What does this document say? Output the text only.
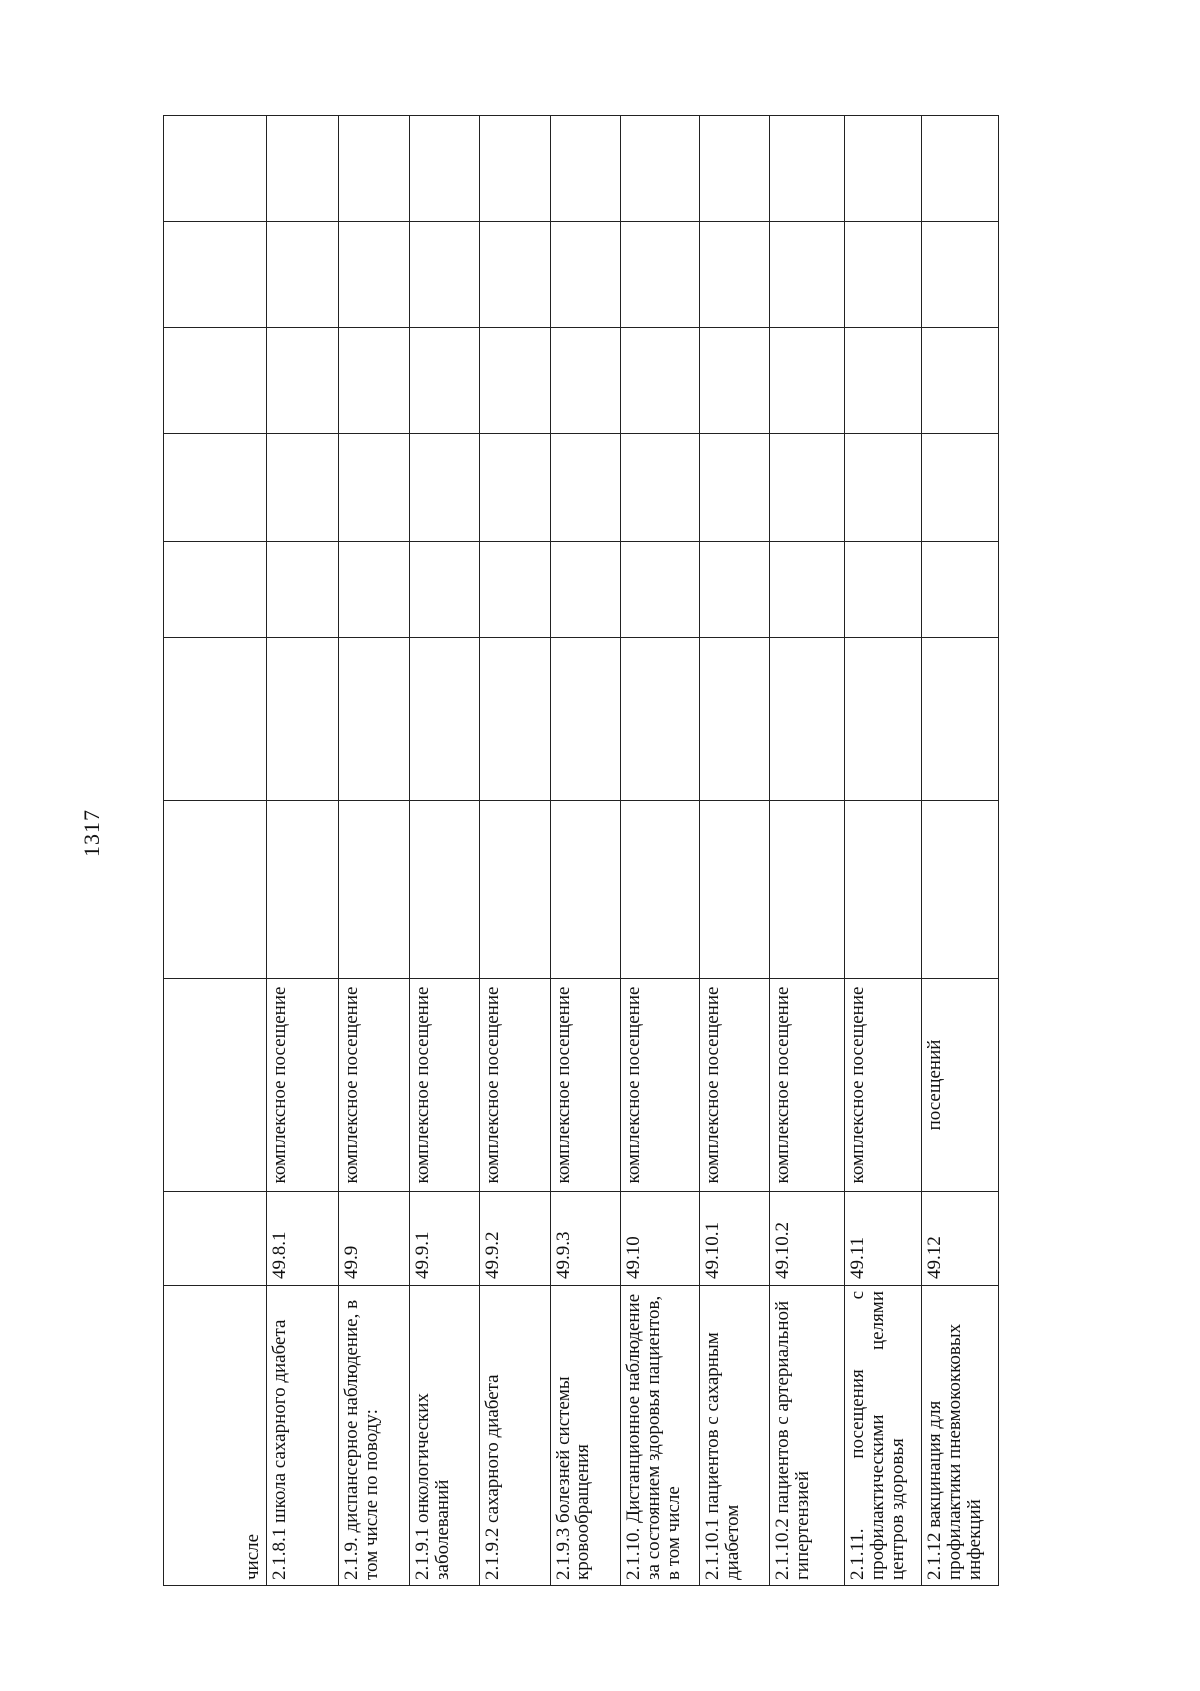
1317
числе									
2.1.8.1 школа сахарного диабета	49.8.1	комплексное посещение							
2.1.9. диспансерное наблюдение, в том числе по поводу:	49.9	комплексное посещение							
2.1.9.1 онкологических заболеваний	49.9.1	комплексное посещение							
2.1.9.2 сахарного диабета	49.9.2	комплексное посещение							
2.1.9.3 болезней системы кровообращения	49.9.3	комплексное посещение							
2.1.10. Дистанционное наблюдение за состоянием здоровья пациентов, в том числе	49.10	комплексное посещение							
2.1.10.1 пациентов с сахарным диабетом	49.10.1	комплексное посещение							
2.1.10.2 пациентов с артериальной гипертензией	49.10.2	комплексное посещение							
2.1.11. посещения с профилактическими целями центров здоровья	49.11	комплексное посещение							
2.1.12 вакцинация для профилактики пневмококковых инфекций	49.12	посещений							
